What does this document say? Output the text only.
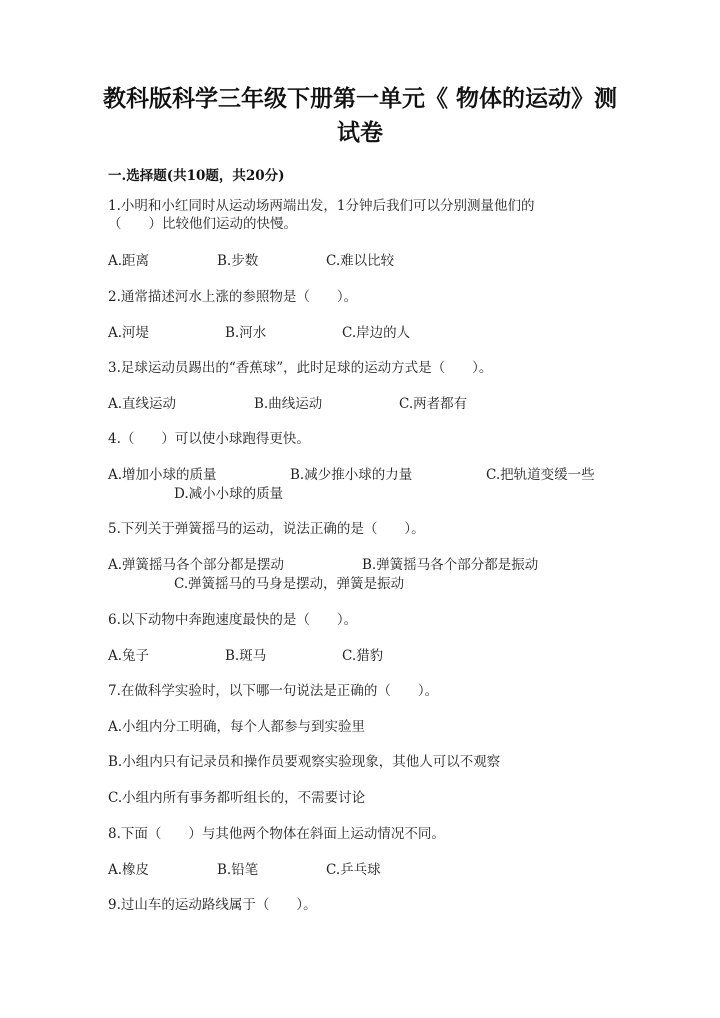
教科版科学三年级下册第一单元《 物体的运动》测
试卷
一.选择题(共10题，共20分)
1.小明和小红同时从运动场两端出发，1分钟后我们可以分别测量他们的
（　　）比较他们运动的快慢。
A.距离	B.步数	C.难以比较
2.通常描述河水上涨的参照物是（　　）。
A.河堤	B.河水	C.岸边的人
3.足球运动员踢出的“香蕉球”，此时足球的运动方式是（　　）。
A.直线运动	B.曲线运动	C.两者都有
4.（　　）可以使小球跑得更快。
A.增加小球的质量	B.减少推小球的力量	C.把轨道变缓一些
D.减小小球的质量
5.下列关于弹簧摇马的运动，说法正确的是（　　）。
A.弹簧摇马各个部分都是摆动	B.弹簧摇马各个部分都是振动
C.弹簧摇马的马身是摆动，弹簧是振动
6.以下动物中奔跑速度最快的是（　　）。
A.兔子	B.斑马	C.猎豹
7.在做科学实验时，以下哪一句说法是正确的（　　）。
A.小组内分工明确，每个人都参与到实验里
B.小组内只有记录员和操作员要观察实验现象，其他人可以不观察
C.小组内所有事务都听组长的，不需要讨论
8.下面（　　）与其他两个物体在斜面上运动情况不同。
A.橡皮	B.铅笔	C.乒乓球
9.过山车的运动路线属于（　　）。
